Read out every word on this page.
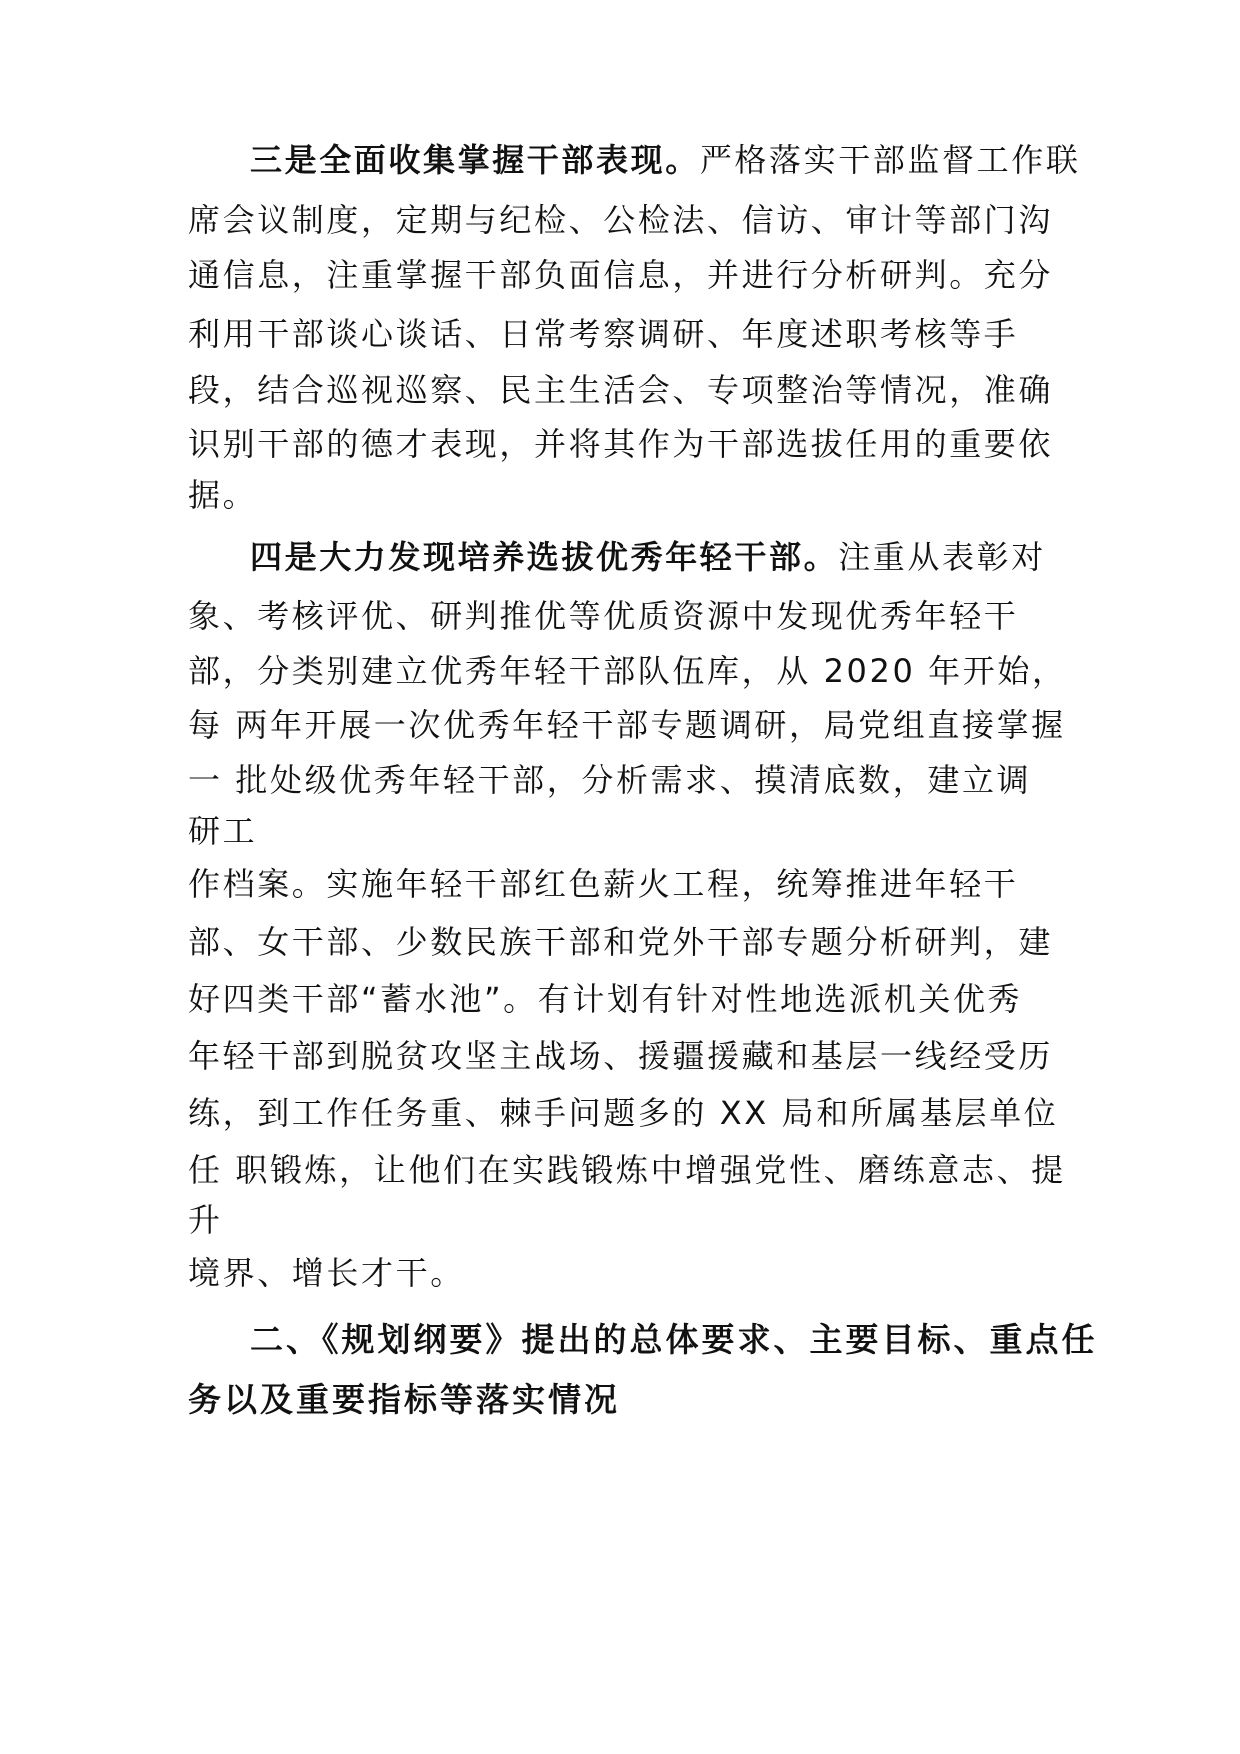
三是全面收集掌握干部表现。严格落实干部监督工作联

席会议制度，定期与纪检、公检法、信访、审计等部门沟

通信息，注重掌握干部负面信息，并进行分析研判。充分

利用干部谈心谈话、日常考察调研、年度述职考核等手

段，结合巡视巡察、民主生活会、专项整治等情况，准确

识别干部的德才表现，并将其作为干部选拔任用的重要依

据。

四是大力发现培养选拔优秀年轻干部。注重从表彰对

象、考核评优、研判推优等优质资源中发现优秀年轻干

部，分类别建立优秀年轻干部队伍库，从 2020 年开始，

每 两年开展一次优秀年轻干部专题调研，局党组直接掌握

一 批处级优秀年轻干部，分析需求、摸清底数，建立调

研工

作档案。实施年轻干部红色薪火工程，统筹推进年轻干

部、女干部、少数民族干部和党外干部专题分析研判，建

好四类干部“蓄水池”。有计划有针对性地选派机关优秀

年轻干部到脱贫攻坚主战场、援疆援藏和基层一线经受历

练，到工作任务重、棘手问题多的 XX 局和所属基层单位

任 职锻炼，让他们在实践锻炼中增强党性、磨练意志、提

升

境界、增长才干。

二、《规划纲要》提出的总体要求、主要目标、重点任

务以及重要指标等落实情况
